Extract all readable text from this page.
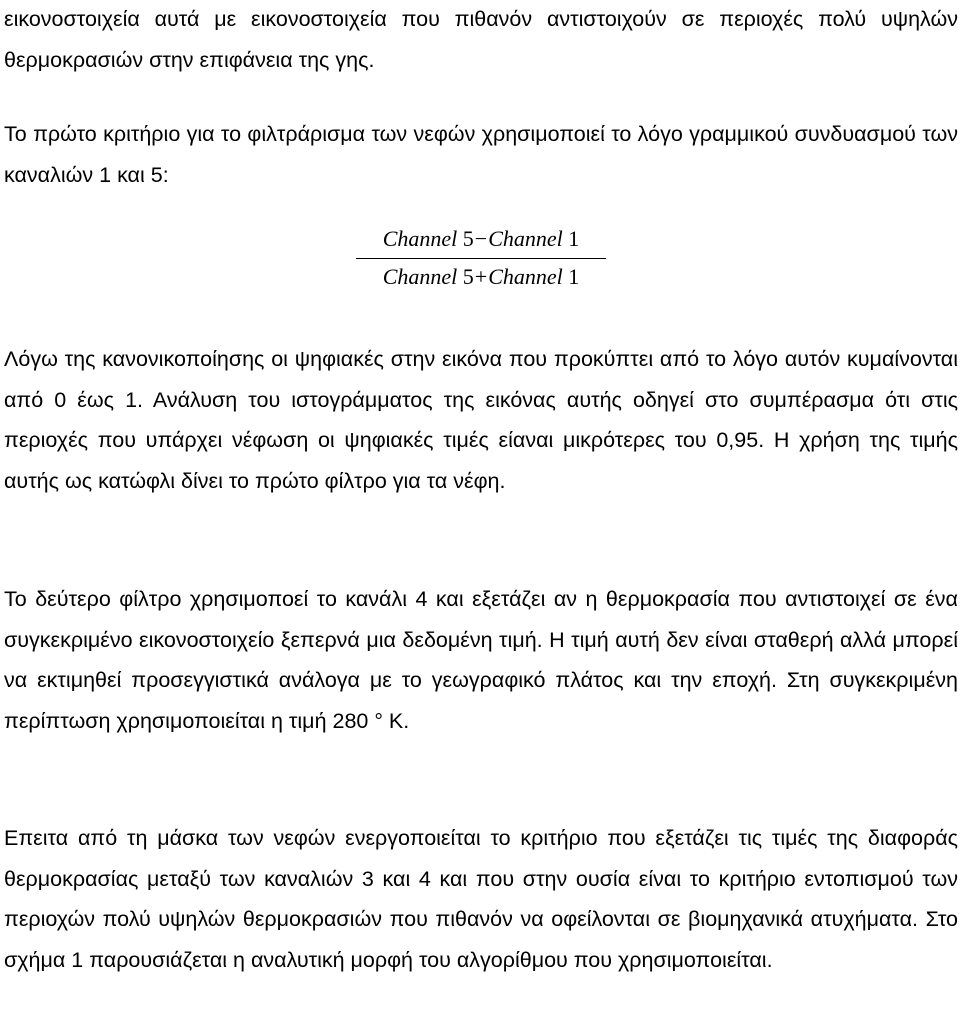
εικονοστοιχεία αυτά με εικονοστοιχεία που πιθανόν αντιστοιχούν σε περιοχές πολύ υψηλών θερμοκρασιών στην επιφάνεια της γης.

Το πρώτο κριτήριο για το φιλτράρισμα των νεφών χρησιμοποιεί το λόγο γραμμικού συνδυασμού των καναλιών 1 και 5:

Channel 5−Channel 1
Channel 5+Channel 1

Λόγω της κανονικοποίησης οι ψηφιακές στην εικόνα που προκύπτει από το λόγο αυτόν κυμαίνονται από 0 έως 1. Ανάλυση του ιστογράμματος της εικόνας αυτής οδηγεί στο συμπέρασμα ότι στις περιοχές που υπάρχει νέφωση οι ψηφιακές τιμές είαναι μικρότερες του 0,95. Η χρήση της τιμής αυτής ως κατώφλι δίνει το πρώτο φίλτρο για τα νέφη.

Το δεύτερο φίλτρο χρησιμοποεί το κανάλι 4 και εξετάζει αν η θερμοκρασία που αντιστοιχεί σε ένα συγκεκριμένο εικονοστοιχείο ξεπερνά μια δεδομένη τιμή. Η τιμή αυτή δεν είναι σταθερή αλλά μπορεί να εκτιμηθεί προσεγγιστικά ανάλογα με το γεωγραφικό πλάτος και την εποχή. Στη συγκεκριμένη περίπτωση χρησιμοποιείται η τιμή 280 ° K.

Επειτα από τη μάσκα των νεφών ενεργοποιείται το κριτήριο που εξετάζει τις τιμές της διαφοράς θερμοκρασίας μεταξύ των καναλιών 3 και 4 και που στην ουσία είναι το κριτήριο εντοπισμού των περιοχών πολύ υψηλών θερμοκρασιών που πιθανόν να οφείλονται σε βιομηχανικά ατυχήματα. Στο σχήμα 1 παρουσιάζεται η αναλυτική μορφή του αλγορίθμου που χρησιμοποιείται.
